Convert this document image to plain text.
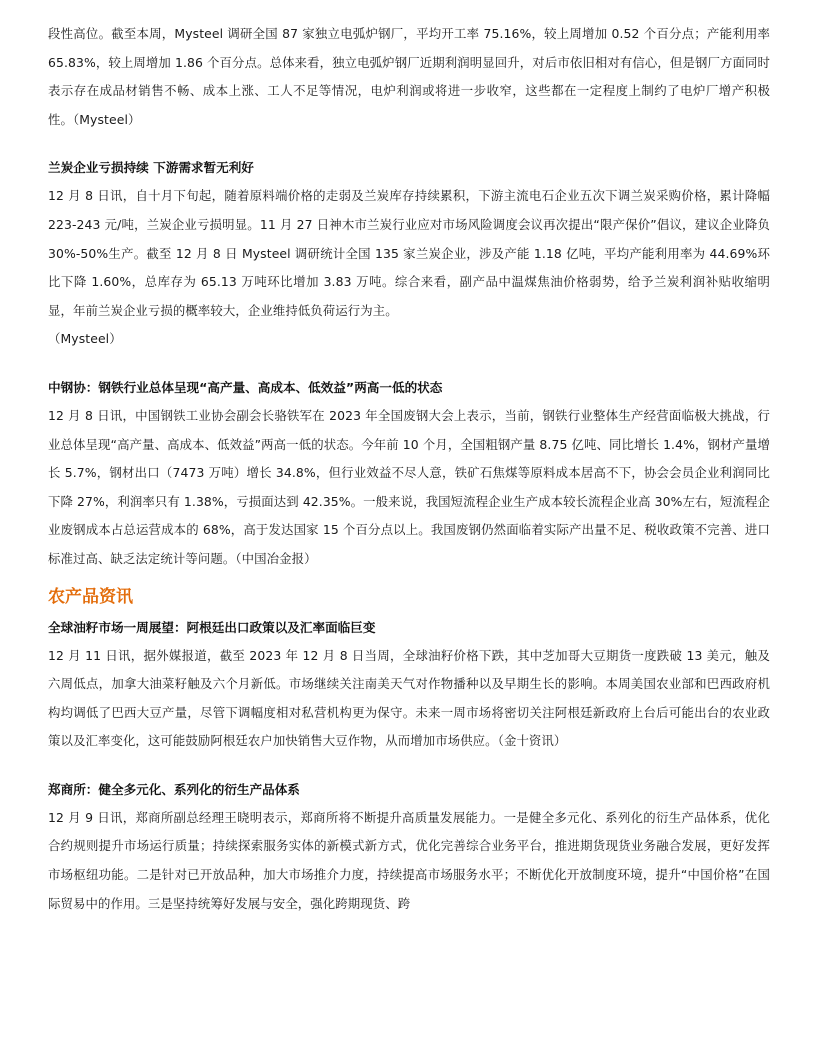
段性高位。截至本周，Mysteel 调研全国 87 家独立电弧炉钢厂，平均开工率 75.16%，较上周增加 0.52 个百分点；产能利用率 65.83%，较上周增加 1.86 个百分点。总体来看，独立电弧炉钢厂近期利润明显回升，对后市依旧相对有信心，但是钢厂方面同时表示存在成品材销售不畅、成本上涨、工人不足等情况，电炉利润或将进一步收窄，这些都在一定程度上制约了电炉厂增产积极性。（Mysteel）

兰炭企业亏损持续 下游需求暂无利好

12 月 8 日讯，自十月下旬起，随着原料端价格的走弱及兰炭库存持续累积，下游主流电石企业五次下调兰炭采购价格，累计降幅 223-243 元/吨，兰炭企业亏损明显。11 月 27 日神木市兰炭行业应对市场风险调度会议再次提出“限产保价”倡议，建议企业降负 30%-50%生产。截至 12 月 8 日 Mysteel 调研统计全国 135 家兰炭企业，涉及产能 1.18 亿吨，平均产能利用率为 44.69%环比下降 1.60%，总库存为 65.13 万吨环比增加 3.83 万吨。综合来看，副产品中温煤焦油价格弱势，给予兰炭利润补贴收缩明显，年前兰炭企业亏损的概率较大，企业维持低负荷运行为主。

（Mysteel）

中钢协：钢铁行业总体呈现“高产量、高成本、低效益”两高一低的状态

12 月 8 日讯，中国钢铁工业协会副会长骆铁军在 2023 年全国废钢大会上表示，当前，钢铁行业整体生产经营面临极大挑战，行业总体呈现“高产量、高成本、低效益”两高一低的状态。今年前 10 个月，全国粗钢产量 8.75 亿吨、同比增长 1.4%，钢材产量增长 5.7%，钢材出口（7473 万吨）增长 34.8%，但行业效益不尽人意，铁矿石焦煤等原料成本居高不下，协会会员企业利润同比下降 27%，利润率只有 1.38%，亏损面达到 42.35%。一般来说，我国短流程企业生产成本较长流程企业高 30%左右，短流程企业废钢成本占总运营成本的 68%，高于发达国家 15 个百分点以上。我国废钢仍然面临着实际产出量不足、税收政策不完善、进口标准过高、缺乏法定统计等问题。（中国冶金报）

农产品资讯

全球油籽市场一周展望：阿根廷出口政策以及汇率面临巨变

12 月 11 日讯，据外媒报道，截至 2023 年 12 月 8 日当周，全球油籽价格下跌，其中芝加哥大豆期货一度跌破 13 美元，触及六周低点，加拿大油菜籽触及六个月新低。市场继续关注南美天气对作物播种以及早期生长的影响。本周美国农业部和巴西政府机构均调低了巴西大豆产量，尽管下调幅度相对私营机构更为保守。未来一周市场将密切关注阿根廷新政府上台后可能出台的农业政策以及汇率变化，这可能鼓励阿根廷农户加快销售大豆作物，从而增加市场供应。（金十资讯）

郑商所：健全多元化、系列化的衍生产品体系

12 月 9 日讯，郑商所副总经理王晓明表示，郑商所将不断提升高质量发展能力。一是健全多元化、系列化的衍生产品体系，优化合约规则提升市场运行质量；持续探索服务实体的新模式新方式，优化完善综合业务平台，推进期货现货业务融合发展，更好发挥市场枢纽功能。二是针对已开放品种，加大市场推介力度，持续提高市场服务水平；不断优化开放制度环境，提升“中国价格”在国际贸易中的作用。三是坚持统筹好发展与安全，强化跨期现货、跨
